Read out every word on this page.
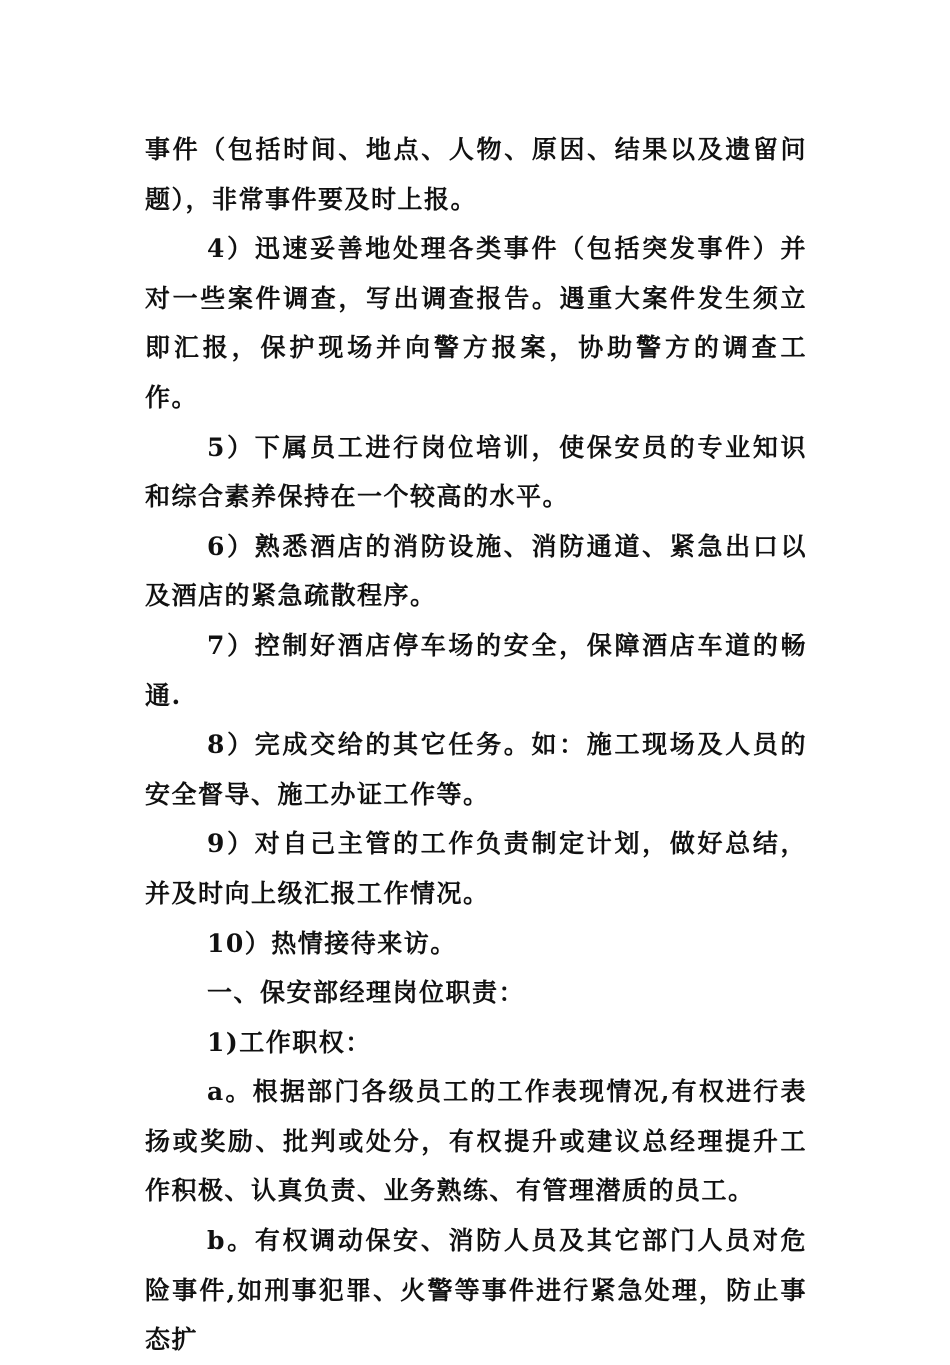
事件（包括时间、地点、人物、原因、结果以及遗留问题），非常事件要及时上报。

4）迅速妥善地处理各类事件（包括突发事件）并对一些案件调查，写出调查报告。遇重大案件发生须立即汇报，保护现场并向警方报案，协助警方的调查工作。

5）下属员工进行岗位培训，使保安员的专业知识和综合素养保持在一个较高的水平。

6）熟悉酒店的消防设施、消防通道、紧急出口以及酒店的紧急疏散程序。

7）控制好酒店停车场的安全，保障酒店车道的畅通.

8）完成交给的其它任务。如：施工现场及人员的安全督导、施工办证工作等。

9）对自己主管的工作负责制定计划，做好总结，并及时向上级汇报工作情况。

10）热情接待来访。

一、保安部经理岗位职责：

1)工作职权：

a。根据部门各级员工的工作表现情况,有权进行表扬或奖励、批判或处分，有权提升或建议总经理提升工作积极、认真负责、业务熟练、有管理潜质的员工。

b。有权调动保安、消防人员及其它部门人员对危险事件,如刑事犯罪、火警等事件进行紧急处理，防止事态扩
